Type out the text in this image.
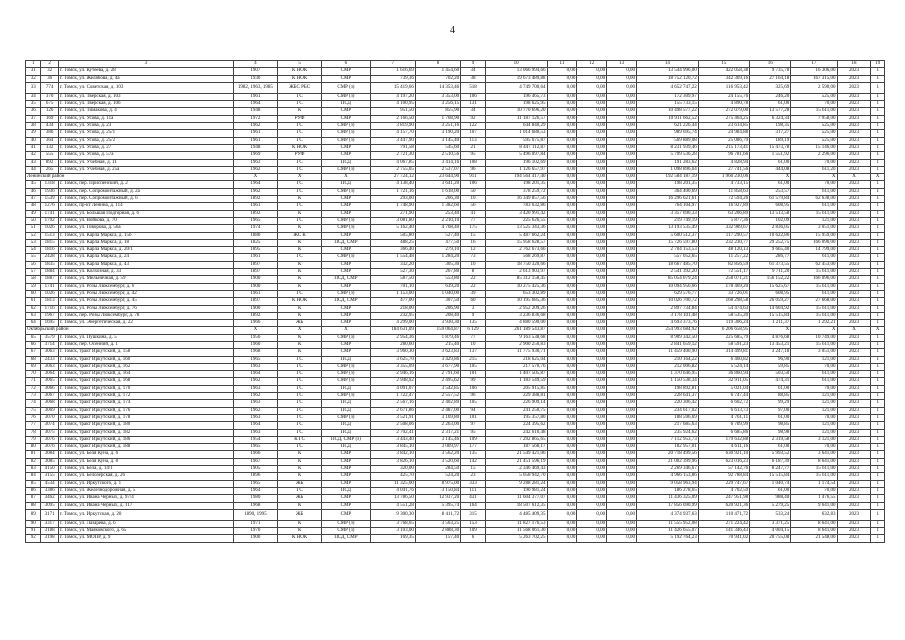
4
1	2	3	4	5	6	7	8	9	10	11	12	13	14	15	16	17	18	19
31	32	г. Томск, ул. Кутеева, д. 28	1907	К НОК	СМР	1 616,69	1 454,60	34	13 066 994,66	0,00	0,00	0,00	13 544 996,00	422 058,38	9 735,78	16 306,00	2023	1
32	36	г. Томск, ул. Желябова, д. 4а	1930	К НОК	СМР	739,36	702,20	38	19 673 489,88	0,00	0,00	0,00	18 752 120,72	342 369,16	27 164,18	167 315,00	2023	1
33	774	г. Томск, ул. Советская, д. 103	1982, 1963, 1985	ЖБС РБС	СМР (з)	15 419,66	14 353,46	518	4 749 700,64	0,00	0,00	0,00	4 652 747,22	116 953,42	325,69	2 590,00	2023	1
34	370	г. Томск, ул. Тверская, д. 103	1961	ГС	СМР (з)	4 197,20	3 353,00	106	196 465,73	0,00	0,00	0,00	172 309,97	24 155,76	246,20	525,00	2023	1
35	675	г. Томск, ул. Тверская, д. 106	1964	ГС	ПСД	4 100,95	3 256,15	131	198 625,95	0,00	0,00	0,00	155 733,15	4 890,78	61,00	70,00	2023	1
36	126	г. Томск, ул. Тимакова, д. 4	1948	К	СМР	951,50	855,90	34	10 770 696,20	0,00	0,00	0,00	10 498 577,22	272 079,00	13 577,28	15 611,00	2023	1
37	169	г. Томск, ул. Усова, д. 11а	1972	РУФ	СМР	2 166,50	1 768,90	92	11 187 126,57	0,00	0,00	0,00	10 911 662,52	275 464,25	6 324,34	7 958,00	2023	1
38	434	г. Томск, ул. Усова, д. 23	1962	ГС	СМР (з)	3 819,90	3 251,16	122	644 840,29	0,00	0,00	0,00	621 226,44	23 614,85	198,35	525,00	2023	1
39	386	г. Томск, ул. Усова, д. 25/1	1961	ГС	СМР (з)	4 157,70	3 190,20	107	1 014 680,53	0,00	0,00	0,00	989 695,74	24 984,88	317,27	525,00	2023	1
40	364	г. Томск, ул. Усова, д. 25/2	1961	ГС	СМР (з)	3 447,90	3 145,40	113	595 675,87	0,00	0,00	0,00	569 889,08	25 086,79	189,19	525,00	2023	1
41	132	г. Томск, ул. Усова, д. 27	1948	К НОК	СМР	791,58	545,60	21	8 447 112,87	0,00	0,00	0,00	8 231 939,46	215 173,41	15 473,78	15 146,00	2023	1
42	555	г. Томск, ул. Усова, д. 57а	1969	РУФ	СМР	2 721,30	2 510,56	95	5 496 097,84	0,00	0,00	0,00	5 799 536,28	96 781,66	1 551,92	2 296,00	2023	1
43	892	г. Томск, ул. Учебная, д. 11	1963	ГС	ПСД	4 067,85	3 414,16	108	196 102,69	0,00	0,00	0,00	191 283,62	4 828,94	61,00	70,00	2023	1
44	265	г. Томск, ул. Учебная, д. 25а	1962	ГС	СМР (з)	2 755,05	2 537,07	96	1 126 657,97	0,00	0,00	0,00	1 098 896,04	27 741,56	444,08	611,20	2023	1
Ленинский район			X	X	X	27 724,12	23 644,90	911	194 564 417,40	0,00	0,00	0,00	192 584 187,19	1 960 230,06	X	X	X	X
45	1318	г. Томск, пер. Приспенский, д. 2	1964	ГС	ПСД	4 138,40	3 641,20	106	198 201,35	0,00	0,00	0,00	198 201,35	4 733,15	61,00	70,00	2023	1
46	1936	г. Томск, пер. Сопромонтажный, д. 2а	1962	ГС	СМР (з)	1 721,16	1 618,00	50	378 259,72	0,00	0,00	0,00	364 400,69	11 858,63	253,57	611,00	2023	1
47	1539	г. Томск, пер. Сопромонтажный, д. 6	1892	К	СМР	293,00	266,30	10	16 349 857,56	0,00	0,00	0,00	16 296 621,61	72 594,26	61 579,84	62 638,00	2023	1
48	1276	г. Томск, пр-кт Ленина, д. 114	1961	ГС	СМР	1 748,90	1 382,60	56	783 632,86	0,00	0,00	0,00	764 104,97	16 927,89	608,95	611,00	2023	1
49	1741	г. Томск, ул. Большая Подгорная, д. 6	1892	К	СМР	271,90	253,40	41	3 420 991,42	0,00	0,00	0,00	3 357 690,33	63 206,89	13 513,58	15 611,00	2023	1
50	1792	г. Томск, ул. Войкова, д. 70	1965	ГС	СМР (з)	3 081,80	2 210,10	77	225 626,55	0,00	0,00	0,00	219 749,19	5 877,36	102,09	121,00	2023	1
51	1026	г. Томск, ул. Говорова, д. 56а	1974	К	СМР (з)	5 162,40	4 768,40	175	13 525 343,36	0,00	0,00	0,00	13 193 535,49	332 989,67	2 836,05	3 051,00	2023	1
52	1513	г. Томск, ул. Карла Маркса, д. 15б	1880	ЖС К	СМР	505,80	527,40	15	5 487 662,24	0,00	0,00	0,00	5 600 512,37	117 290,57	10 622,86	15 959,00	2023	1
53	1815	г. Томск, ул. Карла Маркса, д. 18	1825	К	ПСД, СМР	488,25	477,50	16	15 958 628,57	0,00	0,00	0,00	15 726 597,80	232 230,77	29 252,75	166 096,00	2023	1
54	1816	г. Томск, ул. Карла Маркса, д. 20/1	1895	К	СМР	366,40	279,10	12	2 762 673,66	0,00	0,00	0,00	2 704 153,53	48 120,13	9 665,40	14 799,00	2023	1
55	2428	г. Томск, ул. Карла Маркса, д. 24	1961	ГС	СМР (з)	1 554,48	1 284,20	73	568 269,87	0,00	0,00	0,00	557 052,65	11 257,22	286,77	611,00	2023	1
56	1835	г. Томск, ул. Карла Маркса, д. 43	1897	К	СМР	332,20	305,30	10	18 750 320,66	0,00	0,00	0,00	18 667 485,70	82 856,59	61 373,55	62 453,00	2023	1
57	1884	г. Томск, ул. Колхозная, д. 33	1897	К	СМР	527,30	267,80	8	2 613 903,97	0,00	0,00	0,00	2 541 392,20	72 551,17	9 711,20	15 611,00	2023	1
58	1887	г. Томск, ул. Мельничная, д. 59	1900	К	ПСД, СМР	587,50	553,80	22	85 312 158,45	0,00	0,00	0,00	85 054 079,24	258 071,21	156 152,22	166 096,00	2023	1
59	1741	г. Томск, ул. Розы Люксембург, д. 6	1900	К	СМР	701,10	639,20	22	10 275 425,36	0,00	0,00	0,00	10 094 956,66	178 469,20	15 625,67	15 611,00	2023	1
60	1026	г. Томск, ул. Розы Люксембург, д. 42	1961	ГС	СМР (з)	1 153,00	1 040,00	39	653 302,89	0,00	0,00	0,00	629 576,77	33 726,01	608,95	611,00	2023	1
61	1813	г. Томск, ул. Розы Люксембург, д. 45	1897	К НОК	ПСД, СМР	477,00	307,50	60	10 195 685,36	0,00	0,00	0,00	10 026 700,72	168 298,58	26 059,27	27 668,00	2023	1
62	1716	г. Томск, ул. Розы Люксембург, д. 76	1900	К	СМР	218,00	206,90	3	2 952 209,26	0,00	0,00	0,00	2 897 734,84	54 474,63	14 604,92	15 611,00	2023	1
63	1967	г. Томск, пер. Розы Люксембург, д. 78	1892	К	СМР	232,95	208,40	9	3 236 836,68	0,00	0,00	0,00	3 178 101,48	58 535,20	15 515,84	15 611,00	2023	1
64	1695	г. Томск, ул. Энергетическая, д. 22	1966	ЖБ	СМР	4 299,00	3 930,30	135	4 880 590,00	0,00	0,00	0,00	4 693 373,76	119 306,24	1 211,37	1 292,21	2023	1
Октябрьский район			X	X	X	184 631,09	159 064,87	6 129	261 189 543,87	0,00	0,00	0,00	254 993 684,92	6 206 658,95	X	X	X	X
65	3579	г. Томск, ул. Пушкина, д. 5	1956	К	СМР (з)	2 954,36	1 879,46	77	9 163 538,68	0,00	0,00	0,00	8 909 342,50	225 685,79	4 876,68	10 749,00	2023	1
66	3714	г. Томск, пер. Осенний, д. 1	1960	К	СМР	280,60	215,40	10	2 900 250,83	0,00	0,00	0,00	2 841 659,12	58 591,23	13 453,21	15 611,00	2023	1
67	3063	г. Томск, тракт Иркутский, д. 158	1968	К	СМР	3 960,30	3 623,83	137	11 775 930,71	0,00	0,00	0,00	11 459 400,90	314 499,81	3 247,18	3 051,00	2023	1
68	2433	г. Томск, тракт Иркутский, д. 160	1965	ГС	ПСД	3 625,70	3 429,86	215	218 625,04	0,00	0,00	0,00	210 164,22	6 460,82	96,90	121,00	2023	1
69	3063	г. Томск, тракт Иркутский, д. 162	1963	ГС	СМР (з)	3 355,09	3 677,90	105	217 570,76	0,00	0,00	0,00	212 006,82	5 524,14	59,85	70,00	2023	1
70	3064	г. Томск, тракт Иркутский, д. 164	1964	ГС	СМР (з)	2 946,16	2 791,60	101	1 407 505,87	0,00	0,00	0,00	1 370 646,95	36 860,94	503,50	611,00	2023	1
71	3065	г. Томск, тракт Иркутский, д. 168	1962	ГС	СМР (з)	2 948,92	2 495,62	99	1 183 549,59	0,00	0,00	0,00	1 150 538,34	32 911,05	474,31	611,00	2023	1
72	3066	г. Томск, тракт Иркутский, д. 170	1963	ГС	ПСД	4 091,07	3 542,85	106	205 915,85	0,00	0,00	0,00	198 892,81	5 021,04	61,00	70,00	2023	1
73	3067	г. Томск, тракт Иркутский, д. 172	1962	ГС	СМР (з)	1 722,47	2 557,52	96	229 388,81	0,00	0,00	0,00	228 641,37	6 747,44	88,85	121,00	2023	1
74	3068	г. Томск, тракт Иркутский, д. 174	1963	ГС	ПСД	2 567,16	2 402,89	105	226 909,14	0,00	0,00	0,00	220 306,42	6 602,72	99,29	121,00	2023	1
75	3069	г. Томск, тракт Иркутский, д. 176	1962	ГС	ПСД	2 671,86	2 487,00	94	241 250,75	0,00	0,00	0,00	234 617,02	6 613,73	97,00	121,00	2023	1
76	3070	г. Томск, тракт Иркутский, д. 178	1963	ГС	СМР (з)	3 521,91	3 169,80	101	195 357,80	0,00	0,00	0,00	188 596,69	4 761,11	61,00	70,00	2023	1
77	3074	г. Томск, тракт Иркутский, д. 180	1964	ГС	ПСД	2 508,06	2 263,00	97	224 395,62	0,00	0,00	0,00	217 685,63	6 709,99	98,85	121,00	2023	1
78	3075	г. Томск, тракт Иркутский, д. 182	1963	ГС	ПСД	2 702,41	2 317,21	95	242 610,48	0,00	0,00	0,00	235 924,62	6 685,86	98,98	121,00	2023	1
79	3076	г. Томск, тракт Иркутский, д. 186	1954	К ГС	ПСД, СМР (з)	3 443,40	3 145,46	109	7 292 865,65	0,00	0,00	0,00	7 112 953,73	179 632,88	2 319,58	3 121,00	2023	1
80	3076	г. Томск, тракт Иркутский, д. 188	1965	ГС	ПСД	3 845,10	3 069,97	177	187 568,17	0,00	0,00	0,00	182 957,01	4 611,16	61,00	70,00	2023	1
81	3084	г. Томск, ул. Беля Куна, д. 6	1966	К	СМР	3 842,10	3 562,20	135	21 549 421,06	0,00	0,00	0,00	20 718 499,56	630 921,10	5 993,52	3 641,00	2023	1
82	3085	г. Томск, ул. Беля Куна, д. 8	1967	К	СМР	3 826,10	3 520,60	142	21 451 596,19	0,00	0,00	0,00	21 002 399,96	623 016,23	6 187,39	8 641,00	2023	1
83	4150	г. Томск, ул. Бела, д. 14/1	1905	К	СМР	320,00	284,50	15	2 346 469,43	0,00	0,00	0,00	2 269 346,67	57 142,76	8 247,77	15 611,00	2023	1
84	3155	г. Томск, ул. Белозерская, д. 26	1896	К	СМР	425,70	524,20	23	5 058 942,70	0,00	0,00	0,00	4 966 153,86	92 788,84	15 515,84	15 611,00	2023	1
85	4534	г. Томск, ул. Иркутского, д. 1	1965	ЖБ	СМР	11 325,00	8 975,00	333	9 288 281,24	0,00	0,00	0,00	9 058 963,94	229 747,67	1 040,74	1 174,54	2023	1
86	3386	г. Томск, ул. Железнодорожная, д. 5	1964	ГС	ПСД	4 041,76	3 150,84	111	190 981,24	0,00	0,00	0,00	186 278,65	4 702,59	61,00	70,00	2023	1
87	3462	г. Томск, ул. Ивана Черных, д. 97/4	1980	ЖБ	СМР	13 786,50	12 937,20	431	11 604 377,07	0,00	0,00	0,00	11 436 325,09	247 951,98	988,40	1 476,55	2023	1
88	3095	г. Томск, ул. Ивана Черных, д. 117	1968	К	СМР	4 551,28	5 395,74	164	18 507 612,35	0,00	0,00	0,00	17 856 690,99	620 921,36	5 279,25	9 641,00	2023	1
89	3171	г. Томск, ул. Иркутская, д. 20	1890, 1995	ЖБ	СМР	9 300,30	8 411,72	315	4 485 409,35	0,00	0,00	0,00	4 374 937,63	110 471,72	533,24	632,83	2023	1
90	3317	г. Томск, ул. Лазарева, д. 6	1971	К	СМР (з)	3 768,65	3 503,25	153	11 827 176,53	0,00	0,00	0,00	11 555 952,08	271 224,42	3 371,25	8 641,00	2023	1
91	3188	г. Томск, ул. Маяковского, д. 65	1970	К	СМР (з)	3 103,00	2 888,30	109	11 568 061,30	0,00	0,00	0,00	11 426 655,07	141 346,43	4 004,15	8 641,00	2023	1
92	3198	г. Томск, ул. МОПР, д. 9	1900	К НОК	ПСД, СМР	169,35	157,40	6	5 263 702,25	0,00	0,00	0,00	5 192 764,23	70 941,02	20 755,08	21 548,00	2023	1
